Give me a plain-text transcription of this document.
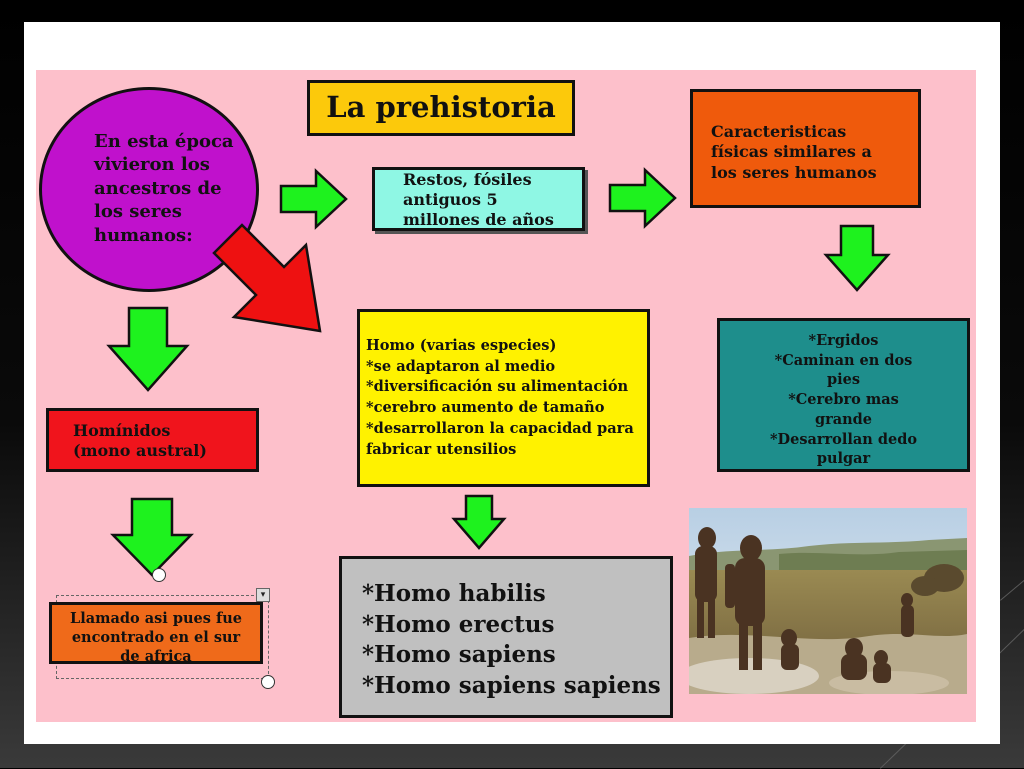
La prehistoria
En esta época
vivieron los
ancestros de
los seres
humanos:
Restos, fósiles
antiguos 5
millones de años
Caracteristicas
físicas similares a
los seres humanos
Homo (varias especies)
*se adaptaron al medio
*diversificación su alimentación
*cerebro aumento de tamaño
*desarrollaron la capacidad para
fabricar utensilios
*Ergidos
*Caminan en dos
pies
*Cerebro mas
grande
*Desarrollan dedo
pulgar
Homínidos
(mono austral)
Llamado asi pues fue
encontrado en el sur
de africa
▾	*Homo habilis
*Homo erectus
*Homo sapiens
*Homo sapiens sapiens
